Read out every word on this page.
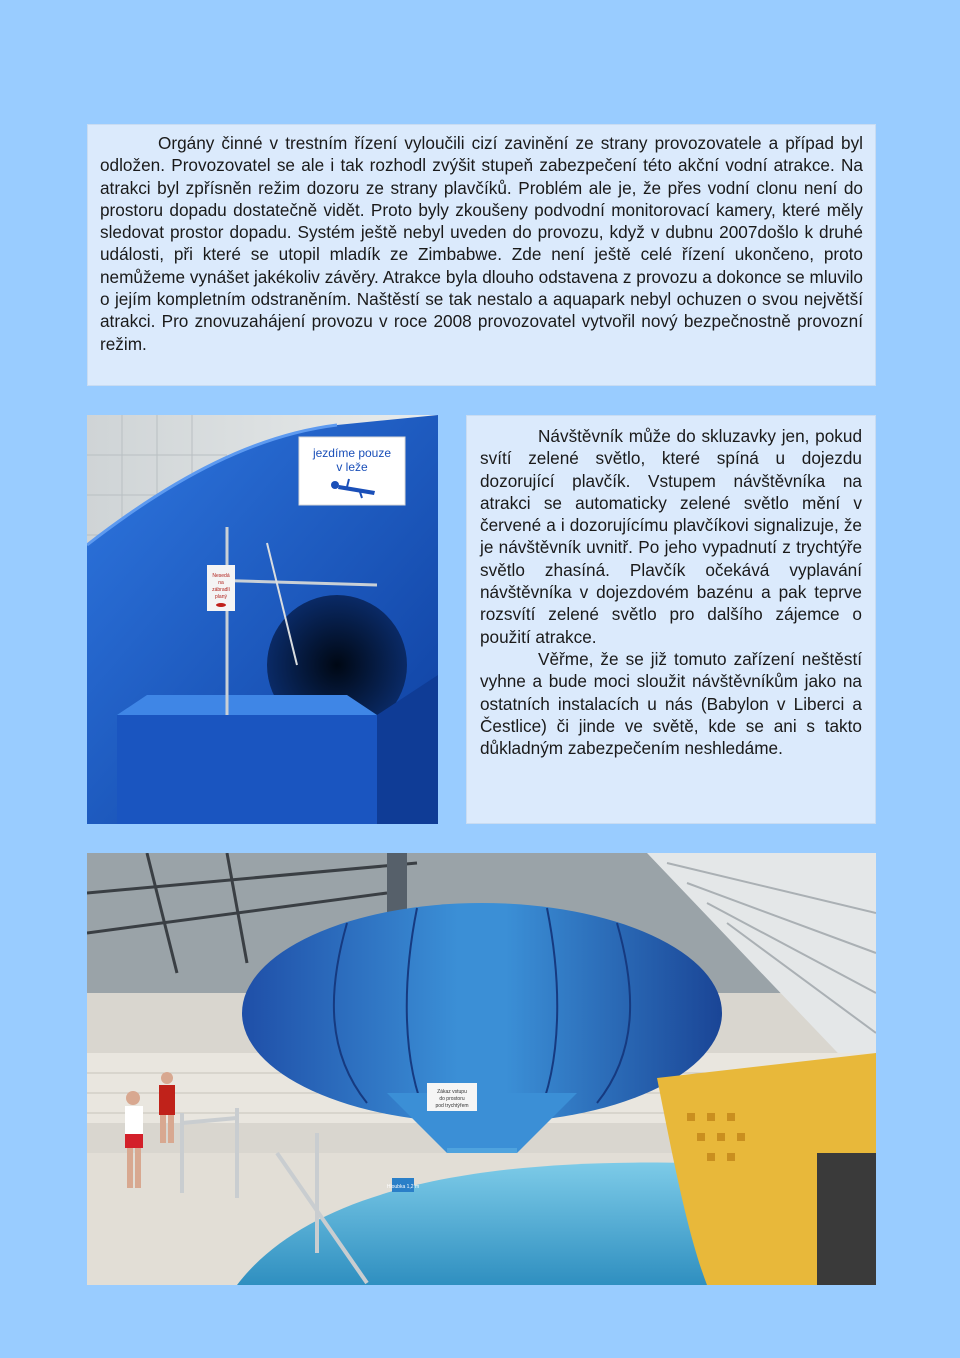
Orgány činné v trestním řízení vyloučili cizí zavinění ze strany provozovatele a případ byl odložen. Provozovatel se ale i tak rozhodl zvýšit stupeň zabezpečení této akční vodní atrakce. Na atrakci byl zpřísněn režim dozoru ze strany plavčíků. Problém ale je, že přes vodní clonu není do prostoru dopadu dostatečně vidět. Proto byly zkoušeny podvodní monitorovací kamery, které měly sledovat prostor dopadu. Systém ještě nebyl uveden do provozu, když v dubnu 2007došlo k druhé události, při které se utopil mladík ze Zimbabwe. Zde není ještě celé řízení ukončeno, proto nemůžeme vynášet jakékoliv závěry. Atrakce byla dlouho odstavena z provozu a dokonce se mluvilo o jejím kompletním odstraněním. Naštěstí se tak nestalo a aquapark nebyl ochuzen o svou největší atrakci. Pro znovuzahájení provozu v roce 2008 provozovatel vytvořil nový bezpečnostně provozní režim.

jezdíme pouze
v leže
Nesedá
na
zábradlí
planý

Návštěvník může do skluzavky jen, pokud svítí zelené světlo, které spíná u dojezdu dozorující plavčík. Vstupem návštěvníka na atrakci se automaticky zelené světlo mění v červené a i dozorujícímu plavčíkovi signalizuje, že je návštěvník uvnitř. Po jeho vypadnutí z trychtýře světlo zhasíná. Plavčík očekává vyplavání návštěvníka v dojezdovém bazénu a pak teprve rozsvítí zelené světlo pro dalšího zájemce o použití atrakce.

Věřme, že se již tomuto zařízení neštěstí vyhne a bude moci sloužit návštěvníkům jako na ostatních instalacích u nás (Babylon v Liberci a Čestlice) či jinde ve světě, kde se ani s takto důkladným zabezpečením neshledáme.

Zákaz vstupu
do prostoru
pod trychtýřem
Hloubka 1,2 m
